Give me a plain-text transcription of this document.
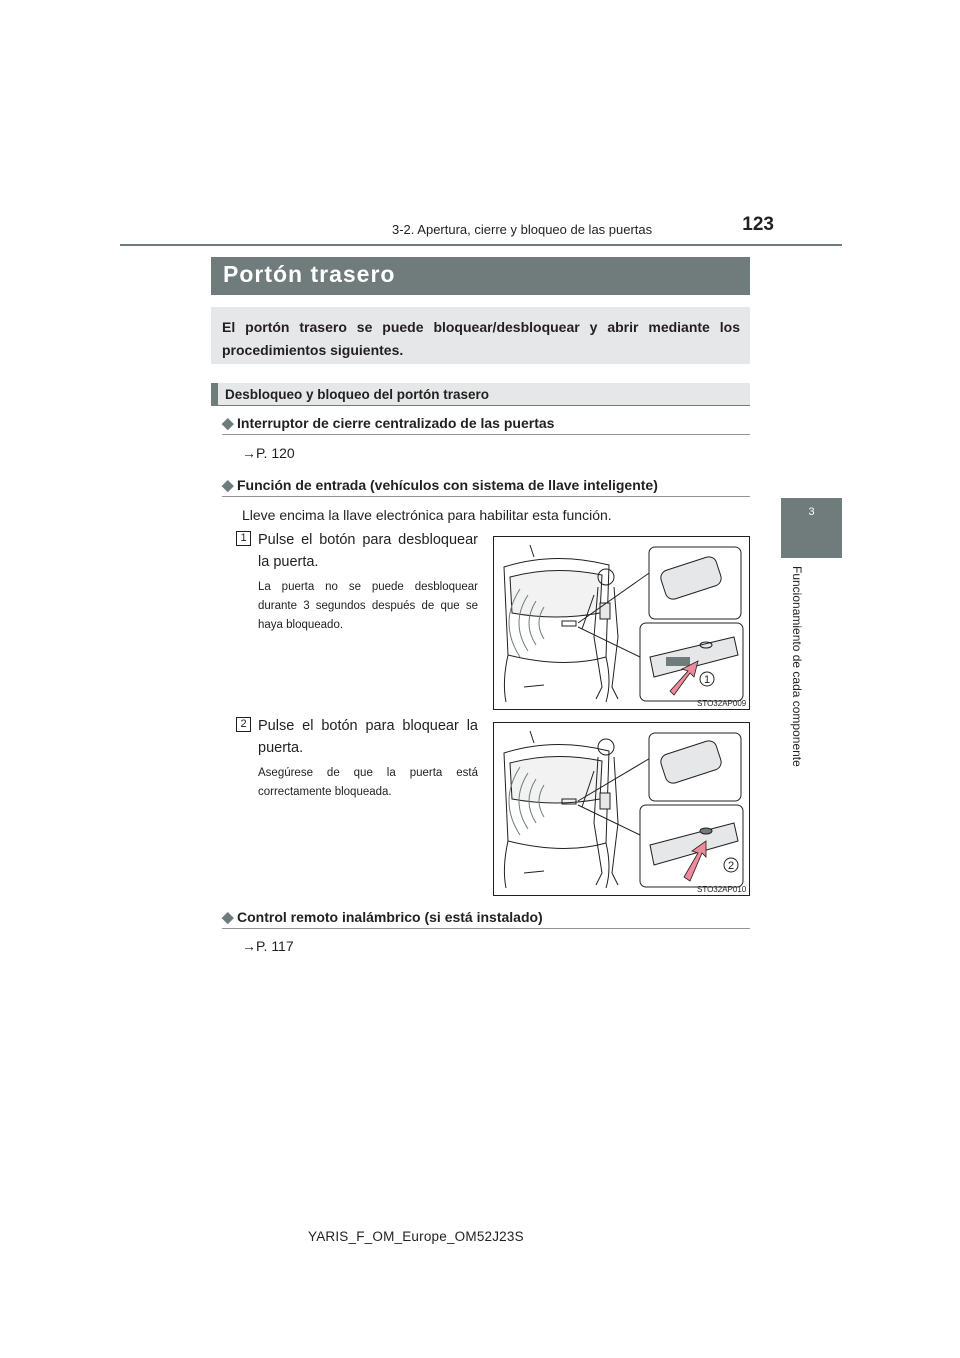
3-2. Apertura, cierre y bloqueo de las puertas	123
3
Funcionamiento de cada componente
Portón trasero
El portón trasero se puede bloquear/desbloquear y abrir mediante los procedimientos siguientes.
Desbloqueo y bloqueo del portón trasero
◆ Interruptor de cierre centralizado de las puertas
→P. 120
◆ Función de entrada (vehículos con sistema de llave inteligente)
Lleve encima la llave electrónica para habilitar esta función.
1 Pulse el botón para desbloquear la puerta.
La puerta no se puede desbloquear durante 3 segundos después de que se haya bloqueado.
1
STO32AP009
2 Pulse el botón para bloquear la puerta.
Asegúrese de que la puerta está correctamente bloqueada.
2
STO32AP010
◆ Control remoto inalámbrico (si está instalado)
→P. 117
YARIS_F_OM_Europe_OM52J23S
